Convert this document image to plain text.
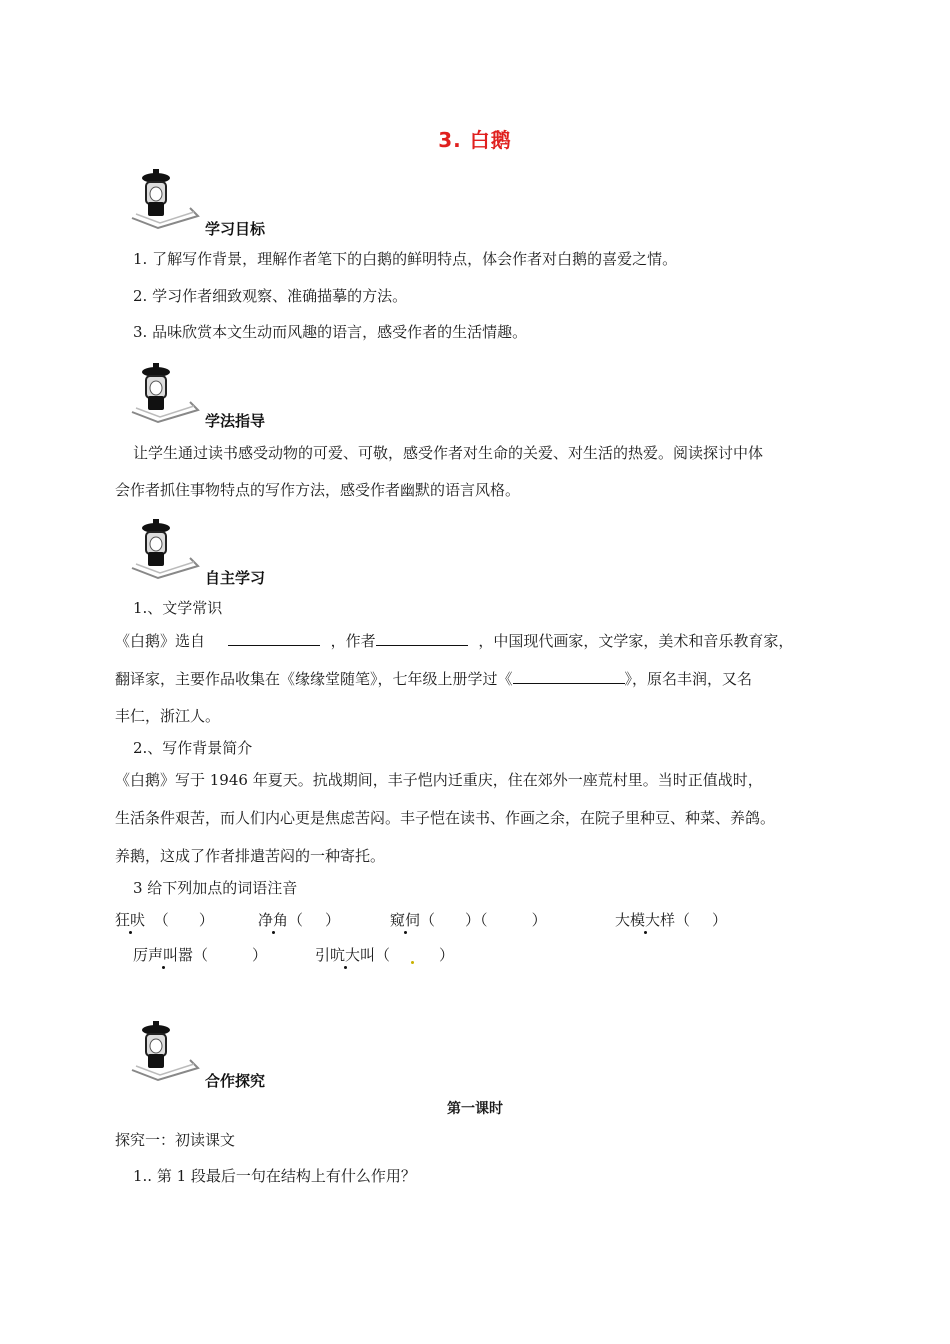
3. 白鹅
学习目标
1. 了解写作背景，理解作者笔下的白鹅的鲜明特点，体会作者对白鹅的喜爱之情。
2. 学习作者细致观察、准确描摹的方法。
3. 品味欣赏本文生动而风趣的语言，感受作者的生活情趣。
学法指导
让学生通过读书感受动物的可爱、可敬，感受作者对生命的关爱、对生活的热爱。阅读探讨中体
会作者抓住事物特点的写作方法，感受作者幽默的语言风格。
自主学习
1.、文学常识
《白鹅》选自	，作者	，中国现代画家，文学家，美术和音乐教育家，
翻译家，主要作品收集在《缘缘堂随笔》，七年级上册学过《	》，原名丰润，又名
丰仁，浙江人。
2.、写作背景简介
《白鹅》写于 1946 年夏天。抗战期间，丰子恺内迁重庆，住在郊外一座荒村里。当时正值战时，
生活条件艰苦，而人们内心更是焦虑苦闷。丰子恺在读书、作画之余，在院子里种豆、种菜、养鸽。
养鹅，这成了作者排遣苦闷的一种寄托。
3 给下列加点的词语注音
狂吠 （ ）	净角（ ）	窥伺（ ）（	）	大模大样（ ）
厉声叫嚣（	）	引吭大叫（	）
合作探究
第一课时
探究一：初读课文
1.. 第 1 段最后一句在结构上有什么作用？
